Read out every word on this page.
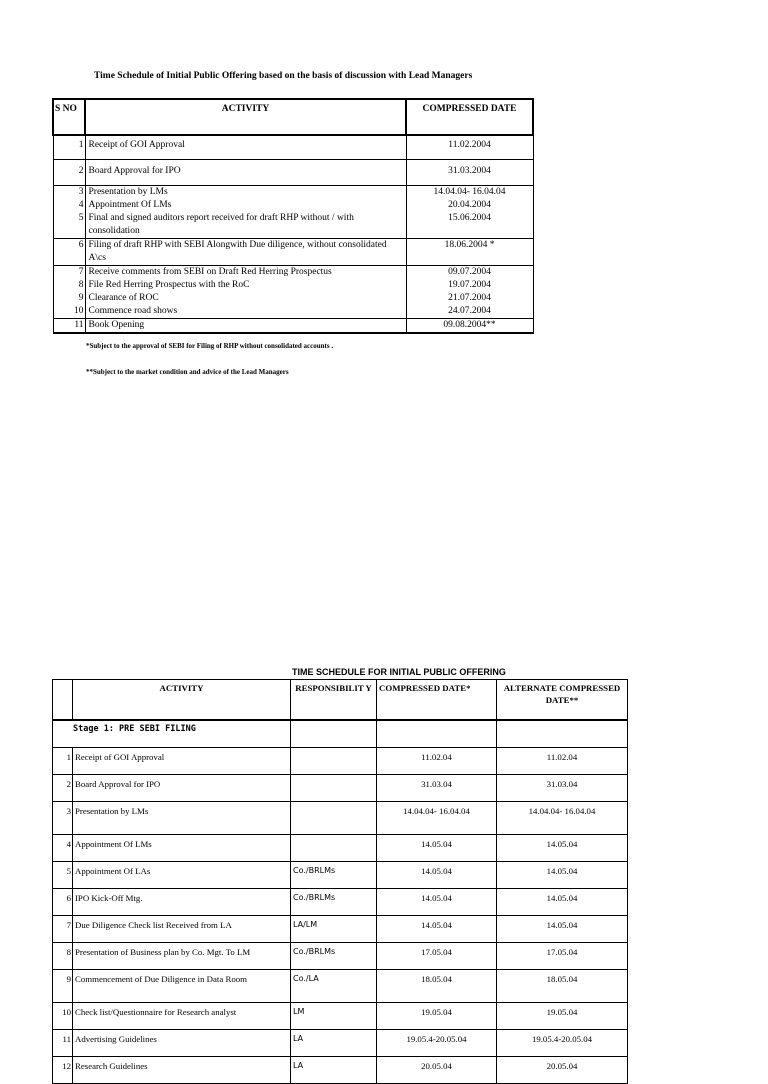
Time Schedule of Initial Public Offering based on the basis of discussion with Lead Managers
S NO	ACTIVITY	COMPRESSED DATE
1	Receipt of GOI Approval	11.02.2004
2	Board Approval for IPO	31.03.2004
3	Presentation by LMs	14.04.04- 16.04.04
4	Appointment Of LMs	20.04.2004
5	Final and signed auditors report received for draft RHP without / with consolidation	15.06.2004
6	Filing of draft RHP with SEBI Alongwith Due diligence, without consolidated A\cs	18.06.2004 *
7	Receive comments from SEBI on Draft Red Herring Prospectus	09.07.2004
8	File Red Herring Prospectus with the RoC	19.07.2004
9	Clearance of ROC	21.07.2004
10	Commence road shows	24.07.2004
11	Book Opening	09.08.2004**
*Subject to the approval of SEBI for Filing of RHP without consolidated accounts .
**Subject to the market condition and advice of the Lead Managers
TIME SCHEDULE FOR INITIAL PUBLIC OFFERING
	ACTIVITY	RESPONSIBILIT Y	COMPRESSED DATE*	ALTERNATE COMPRESSED DATE**
Stage 1: PRE SEBI FILING				
1	Receipt of GOI Approval		11.02.04	11.02.04
2	Board Approval for IPO		31.03.04	31.03.04
3	Presentation by LMs		14.04.04- 16.04.04	14.04.04- 16.04.04
4	Appointment Of LMs		14.05.04	14.05.04
5	Appointment Of LAs	Co./BRLMs	14.05.04	14.05.04
6	IPO Kick-Off Mtg.	Co./BRLMs	14.05.04	14.05.04
7	Due Diligence Check list Received from LA	LA/LM	14.05.04	14.05.04
8	Presentation of Business plan by Co. Mgt. To LM	Co./BRLMs	17.05.04	17.05.04
9	Commencement of Due Diligence in Data Room	Co./LA	18.05.04	18.05.04
10	Check list/Questionnaire for Research analyst	LM	19.05.04	19.05.04
11	Advertising Guidelines	LA	19.05.4-20.05.04	19.05.4-20.05.04
12	Research Guidelines	LA	20.05.04	20.05.04
